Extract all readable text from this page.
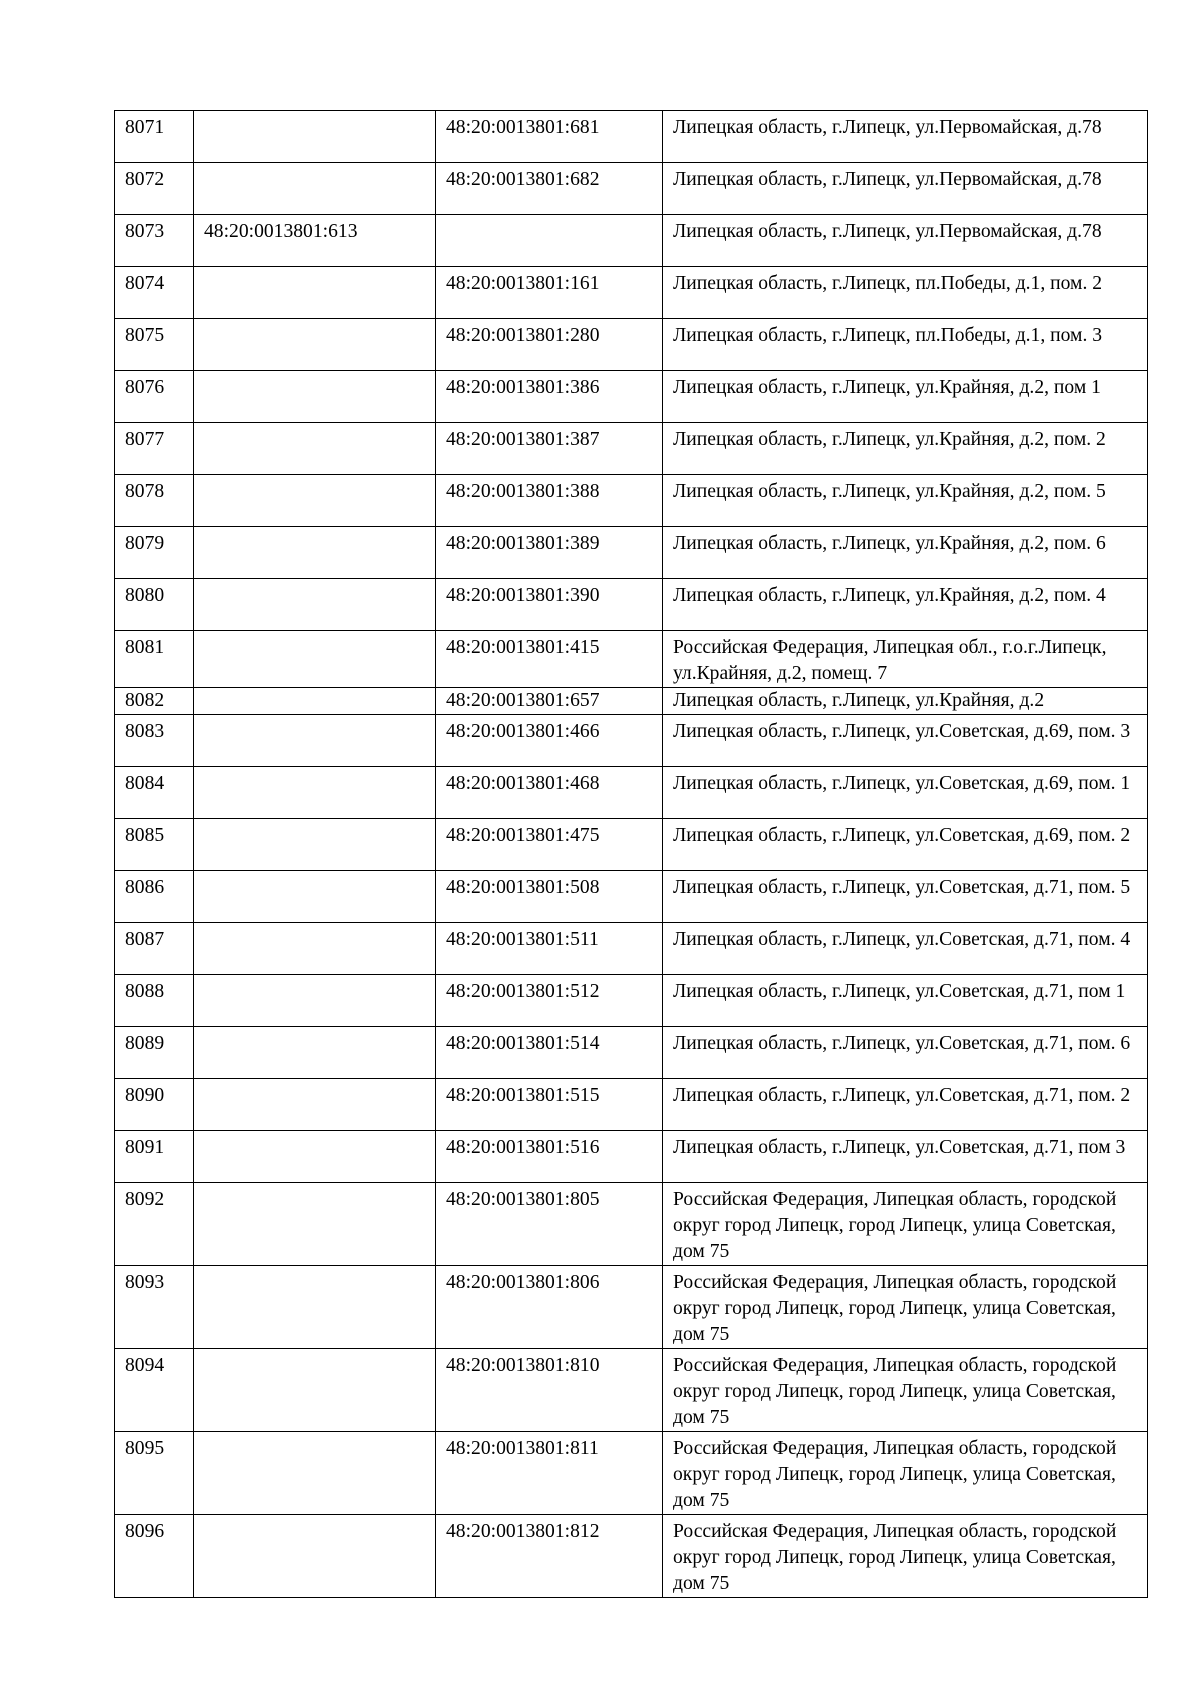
8071		48:20:0013801:681	Липецкая область, г.Липецк, ул.Первомайская, д.78
8072		48:20:0013801:682	Липецкая область, г.Липецк, ул.Первомайская, д.78
8073	48:20:0013801:613		Липецкая область, г.Липецк, ул.Первомайская, д.78
8074		48:20:0013801:161	Липецкая область, г.Липецк, пл.Победы, д.1, пом. 2
8075		48:20:0013801:280	Липецкая область, г.Липецк, пл.Победы, д.1, пом. 3
8076		48:20:0013801:386	Липецкая область, г.Липецк, ул.Крайняя, д.2, пом 1
8077		48:20:0013801:387	Липецкая область, г.Липецк, ул.Крайняя, д.2, пом. 2
8078		48:20:0013801:388	Липецкая область, г.Липецк, ул.Крайняя, д.2, пом. 5
8079		48:20:0013801:389	Липецкая область, г.Липецк, ул.Крайняя, д.2, пом. 6
8080		48:20:0013801:390	Липецкая область, г.Липецк, ул.Крайняя, д.2, пом. 4
8081		48:20:0013801:415	Российская Федерация, Липецкая обл., г.о.г.Липецк, ул.Крайняя, д.2, помещ. 7
8082		48:20:0013801:657	Липецкая область, г.Липецк, ул.Крайняя, д.2
8083		48:20:0013801:466	Липецкая область, г.Липецк, ул.Советская, д.69, пом. 3
8084		48:20:0013801:468	Липецкая область, г.Липецк, ул.Советская, д.69, пом. 1
8085		48:20:0013801:475	Липецкая область, г.Липецк, ул.Советская, д.69, пом. 2
8086		48:20:0013801:508	Липецкая область, г.Липецк, ул.Советская, д.71, пом. 5
8087		48:20:0013801:511	Липецкая область, г.Липецк, ул.Советская, д.71, пом. 4
8088		48:20:0013801:512	Липецкая область, г.Липецк, ул.Советская, д.71, пом 1
8089		48:20:0013801:514	Липецкая область, г.Липецк, ул.Советская, д.71, пом. 6
8090		48:20:0013801:515	Липецкая область, г.Липецк, ул.Советская, д.71, пом. 2
8091		48:20:0013801:516	Липецкая область, г.Липецк, ул.Советская, д.71, пом 3
8092		48:20:0013801:805	Российская Федерация, Липецкая область, городской округ город Липецк, город Липецк, улица Советская, дом 75
8093		48:20:0013801:806	Российская Федерация, Липецкая область, городской округ город Липецк, город Липецк, улица Советская, дом 75
8094		48:20:0013801:810	Российская Федерация, Липецкая область, городской округ город Липецк, город Липецк, улица Советская, дом 75
8095		48:20:0013801:811	Российская Федерация, Липецкая область, городской округ город Липецк, город Липецк, улица Советская, дом 75
8096		48:20:0013801:812	Российская Федерация, Липецкая область, городской округ город Липецк, город Липецк, улица Советская, дом 75
